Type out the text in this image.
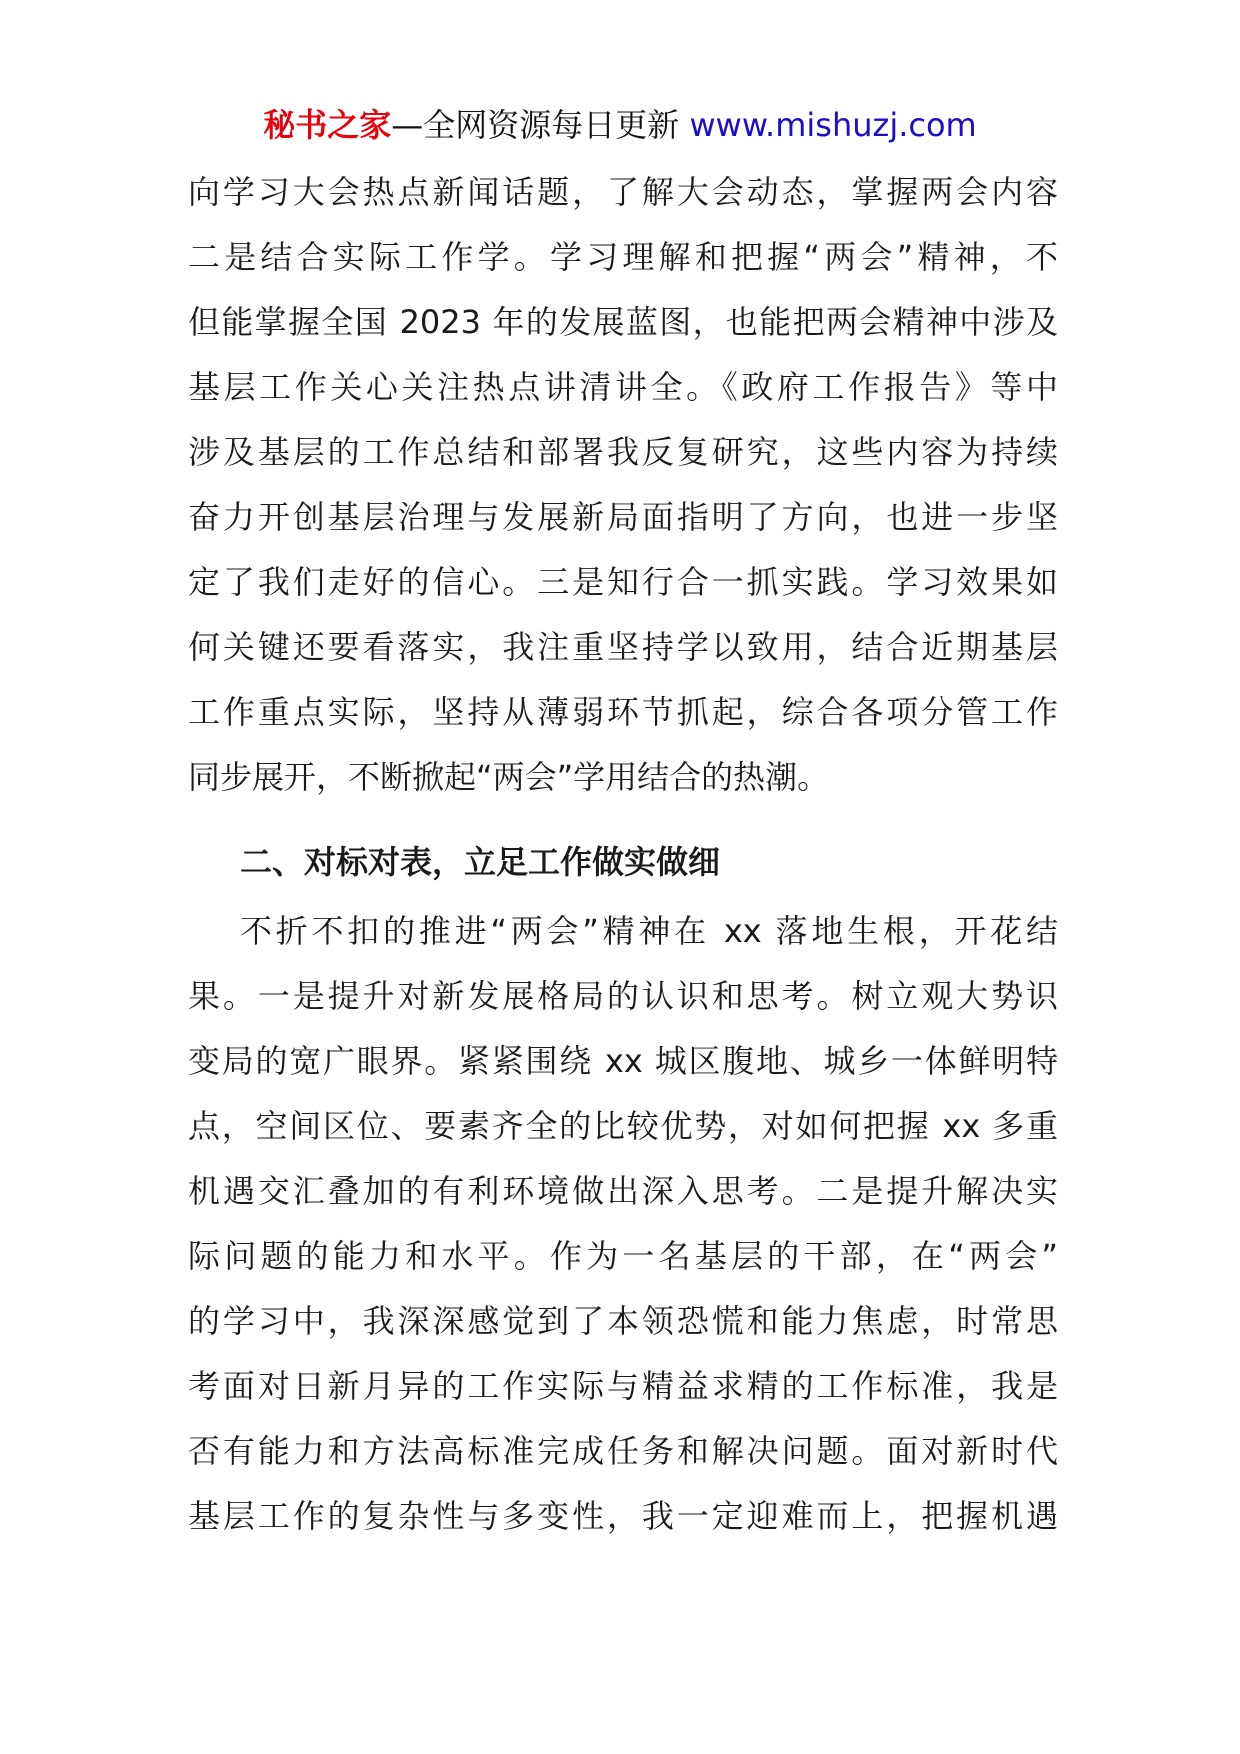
秘书之家—全网资源每日更新 www.mishuzj.com
向学习大会热点新闻话题，了解大会动态，掌握两会内容
二是结合实际工作学。学习理解和把握“两会”精神，不
但能掌握全国 2023 年的发展蓝图，也能把两会精神中涉及
基层工作关心关注热点讲清讲全。《政府工作报告》等中
涉及基层的工作总结和部署我反复研究，这些内容为持续
奋力开创基层治理与发展新局面指明了方向，也进一步坚
定了我们走好的信心。三是知行合一抓实践。学习效果如
何关键还要看落实，我注重坚持学以致用，结合近期基层
工作重点实际，坚持从薄弱环节抓起，综合各项分管工作
同步展开，不断掀起“两会”学用结合的热潮。
二、对标对表，立足工作做实做细
不折不扣的推进“两会”精神在 xx 落地生根，开花结
果。一是提升对新发展格局的认识和思考。树立观大势识
变局的宽广眼界。紧紧围绕 xx 城区腹地、城乡一体鲜明特
点，空间区位、要素齐全的比较优势，对如何把握 xx 多重
机遇交汇叠加的有利环境做出深入思考。二是提升解决实
际问题的能力和水平。作为一名基层的干部，在“两会”
的学习中，我深深感觉到了本领恐慌和能力焦虑，时常思
考面对日新月异的工作实际与精益求精的工作标准，我是
否有能力和方法高标准完成任务和解决问题。面对新时代
基层工作的复杂性与多变性，我一定迎难而上，把握机遇
